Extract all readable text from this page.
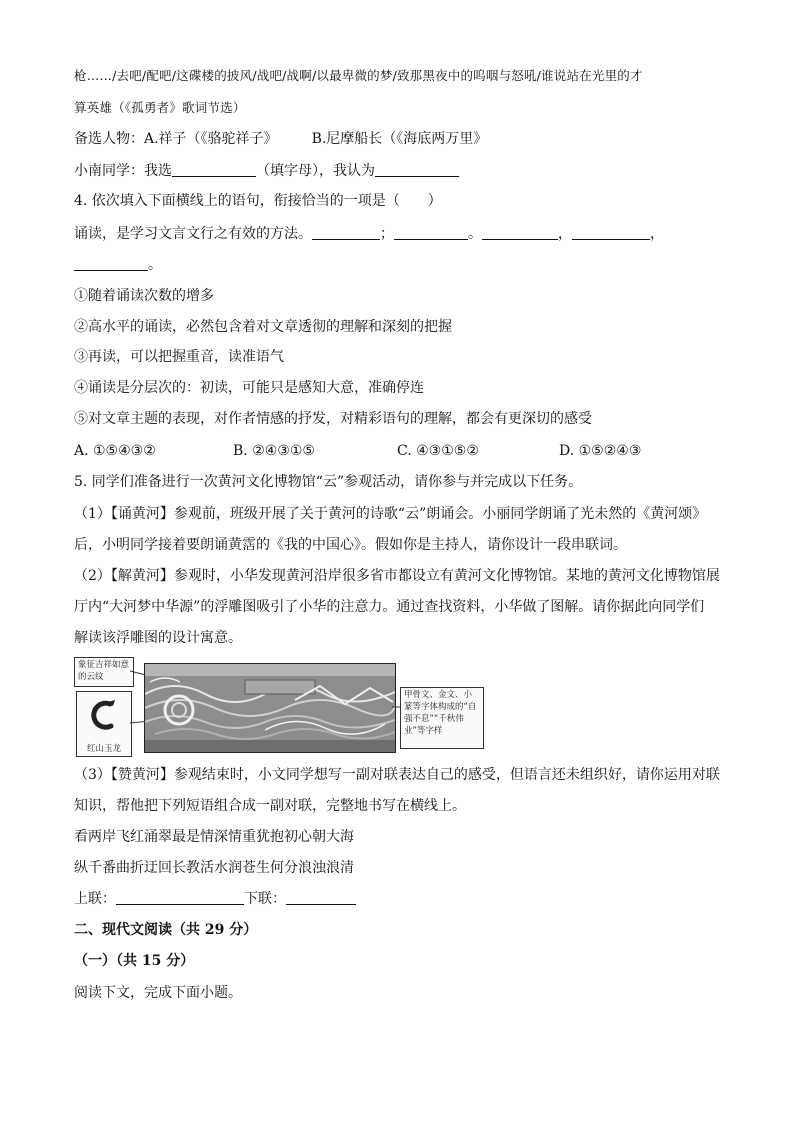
枪……/去吧/配吧/这碟楼的披风/战吧/战啊/以最卑微的梦/致那黑夜中的呜咽与怒吼/谁说站在光里的才
算英雄（《孤勇者》歌词节选）
备选人物：A.祥子（《骆驼祥子》 B.尼摩船长（《海底两万里》
小南同学：我选	（填字母），我认为
4. 依次填入下面横线上的语句，衔接恰当的一项是（　　）
诵读，是学习文言文行之有效的方法。	；	。	，	，
。
①随着诵读次数的增多
②高水平的诵读，必然包含着对文章透彻的理解和深刻的把握
③再读，可以把握重音，读准语气
④诵读是分层次的：初读，可能只是感知大意，准确停连
⑤对文章主题的表现，对作者情感的抒发，对精彩语句的理解，都会有更深切的感受
A. ①⑤④③②	B. ②④③①⑤	C. ④③①⑤②	D. ①⑤②④③
5. 同学们准备进行一次黄河文化博物馆“云”参观活动，请你参与并完成以下任务。
（1）【诵黄河】参观前，班级开展了关于黄河的诗歌“云”朗诵会。小丽同学朗诵了光未然的《黄河颂》
后，小明同学接着要朗诵黄霑的《我的中国心》。假如你是主持人，请你设计一段串联词。
（2）【解黄河】参观时，小华发现黄河沿岸很多省市都设立有黄河文化博物馆。某地的黄河文化博物馆展
厅内“大河梦中华源”的浮雕图吸引了小华的注意力。通过查找资料，小华做了图解。请你据此向同学们
解读该浮雕图的设计寓意。
象征吉祥如意的云纹
红山玉龙
甲骨文、金文、小篆等字体构成的“自强不息”“千秋伟业”等字样
（3）【赞黄河】参观结束时，小文同学想写一副对联表达自己的感受，但语言还未组织好，请你运用对联
知识，帮他把下列短语组合成一副对联，完整地书写在横线上。
看两岸飞红涌翠最是情深情重犹抱初心朝大海
纵千番曲折迂回长教活水润苍生何分浪浊浪清
上联：	下联：
二、现代文阅读（共 29 分）
（一）（共 15 分）
阅读下文，完成下面小题。
